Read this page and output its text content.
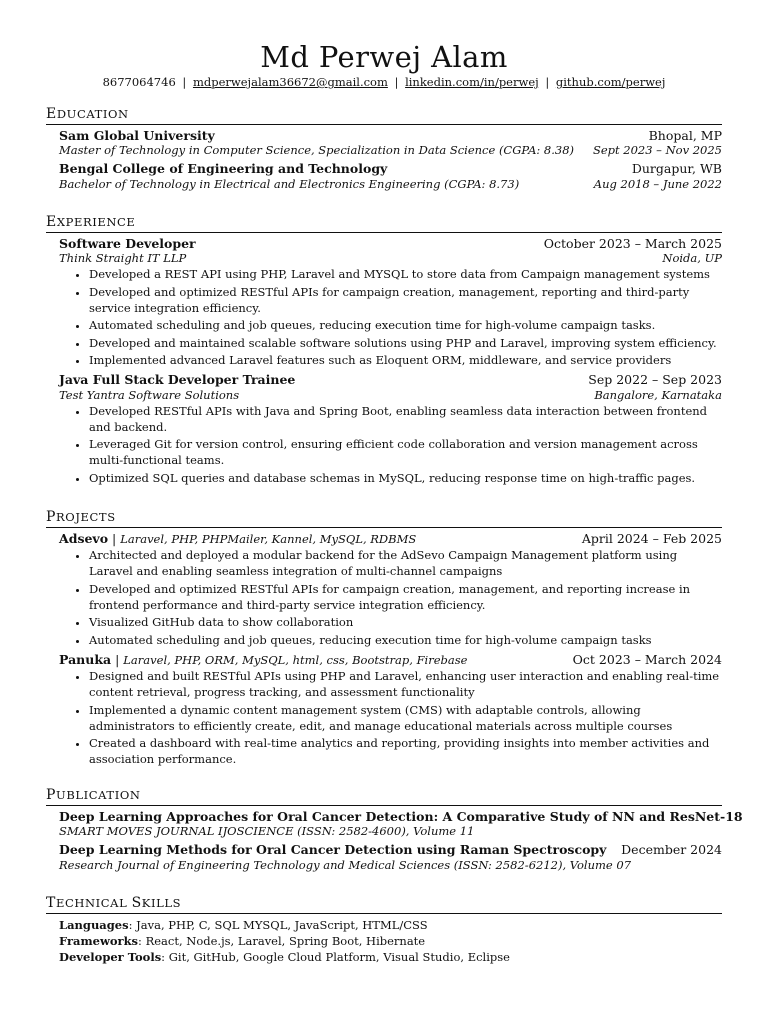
Md Perwej Alam
8677064746 | mdperwejalam36672@gmail.com | linkedin.com/in/perwej | github.com/perwej
EDUCATION
Sam Global University	Bhopal, MP
Master of Technology in Computer Science, Specialization in Data Science (CGPA: 8.38) Sept 2023 – Nov 2025
Bengal College of Engineering and Technology	Durgapur, WB
Bachelor of Technology in Electrical and Electronics Engineering (CGPA: 8.73)	Aug 2018 – June 2022
EXPERIENCE
Software Developer	October 2023 – March 2025
Think Straight IT LLP	Noida, UP
• Developed a REST API using PHP, Laravel and MYSQL to store data from Campaign management systems
• Developed and optimized RESTful APIs for campaign creation, management, reporting and third-party service integration efficiency.
• Automated scheduling and job queues, reducing execution time for high-volume campaign tasks.
• Developed and maintained scalable software solutions using PHP and Laravel, improving system efficiency.
• Implemented advanced Laravel features such as Eloquent ORM, middleware, and service providers
Java Full Stack Developer Trainee	Sep 2022 – Sep 2023
Test Yantra Software Solutions	Bangalore, Karnataka
• Developed RESTful APIs with Java and Spring Boot, enabling seamless data interaction between frontend and backend.
• Leveraged Git for version control, ensuring efficient code collaboration and version management across multi-functional teams.
• Optimized SQL queries and database schemas in MySQL, reducing response time on high-traffic pages.
PROJECTS
Adsevo | Laravel, PHP, PHPMailer, Kannel, MySQL, RDBMS	April 2024 – Feb 2025
• Architected and deployed a modular backend for the AdSevo Campaign Management platform using Laravel and enabling seamless integration of multi-channel campaigns
• Developed and optimized RESTful APIs for campaign creation, management, and reporting increase in frontend performance and third-party service integration efficiency.
• Visualized GitHub data to show collaboration
• Automated scheduling and job queues, reducing execution time for high-volume campaign tasks
Panuka | Laravel, PHP, ORM, MySQL, html, css, Bootstrap, Firebase	Oct 2023 – March 2024
• Designed and built RESTful APIs using PHP and Laravel, enhancing user interaction and enabling real-time content retrieval, progress tracking, and assessment functionality
• Implemented a dynamic content management system (CMS) with adaptable controls, allowing administrators to efficiently create, edit, and manage educational materials across multiple courses
• Created a dashboard with real-time analytics and reporting, providing insights into member activities and association performance.
PUBLICATION
Deep Learning Approaches for Oral Cancer Detection: A Comparative Study of NN and ResNet-18
SMART MOVES JOURNAL IJOSCIENCE (ISSN: 2582-4600), Volume 11
Deep Learning Methods for Oral Cancer Detection using Raman Spectroscopy December 2024
Research Journal of Engineering Technology and Medical Sciences (ISSN: 2582-6212), Volume 07
TECHNICAL SKILLS
Languages: Java, PHP, C, SQL MYSQL, JavaScript, HTML/CSS
Frameworks: React, Node.js, Laravel, Spring Boot, Hibernate
Developer Tools: Git, GitHub, Google Cloud Platform, Visual Studio, Eclipse
